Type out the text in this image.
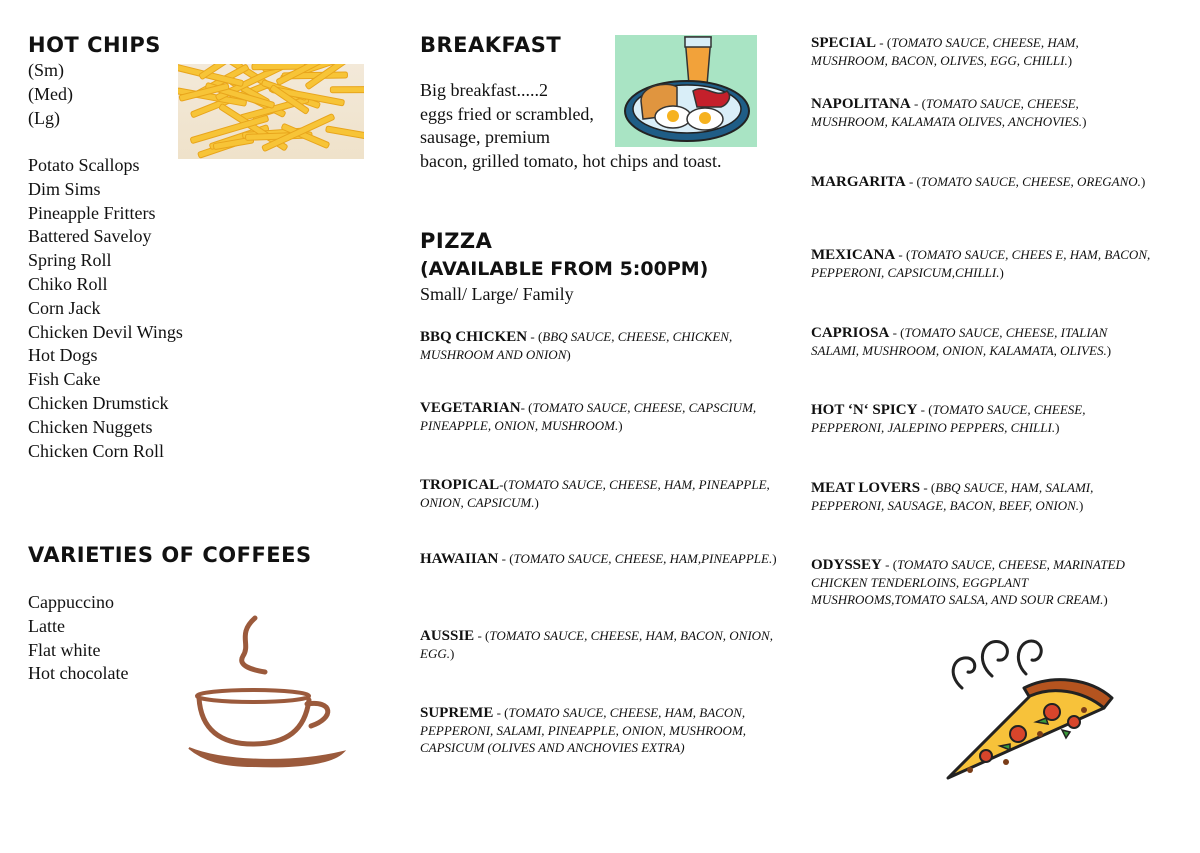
HOT CHIPS
(Sm)
(Med)
(Lg)
Potato Scallops
Dim Sims
Pineapple Fritters
Battered Saveloy
Spring Roll
Chiko Roll
Corn Jack
Chicken Devil Wings
Hot Dogs
Fish Cake
Chicken Drumstick
Chicken Nuggets
Chicken Corn Roll
VARIETIES OF COFFEES
Cappuccino
Latte
Flat white
Hot chocolate
BREAKFAST
Big breakfast.....2
eggs fried or scrambled,
sausage, premium
bacon, grilled tomato, hot chips and toast.
PIZZA
(AVAILABLE FROM 5:00PM)
Small/ Large/ Family
BBQ CHICKEN - (BBQ SAUCE, CHEESE, CHICKEN, MUSHROOM AND ONION)
VEGETARIAN- (TOMATO SAUCE, CHEESE, CAPSCIUM, PINEAPPLE, ONION, MUSHROOM.)
TROPICAL-(TOMATO SAUCE, CHEESE, HAM, PINEAPPLE, ONION, CAPSICUM.)
HAWAIIAN - (TOMATO SAUCE, CHEESE, HAM,PINEAPPLE.)
AUSSIE - (TOMATO SAUCE, CHEESE, HAM, BACON, ONION, EGG.)
SUPREME - (TOMATO SAUCE, CHEESE, HAM, BACON, PEPPERONI, SALAMI, PINEAPPLE, ONION, MUSHROOM, CAPSICUM (OLIVES AND ANCHOVIES EXTRA)
SPECIAL - (TOMATO SAUCE, CHEESE, HAM, MUSHROOM, BACON, OLIVES, EGG, CHILLI.)
NAPOLITANA - (TOMATO SAUCE, CHEESE, MUSHROOM, KALAMATA OLIVES, ANCHOVIES.)
MARGARITA - (TOMATO SAUCE, CHEESE, OREGANO.)
MEXICANA - (TOMATO SAUCE, CHEES E, HAM, BACON, PEPPERONI, CAPSICUM,CHILLI.)
CAPRIOSA - (TOMATO SAUCE, CHEESE, ITALIAN SALAMI, MUSHROOM, ONION, KALAMATA, OLIVES.)
HOT ‘N‘ SPICY - (TOMATO SAUCE, CHEESE, PEPPERONI, JALEPINO PEPPERS, CHILLI.)
MEAT LOVERS - (BBQ SAUCE, HAM, SALAMI, PEPPERONI, SAUSAGE, BACON, BEEF, ONION.)
ODYSSEY - (TOMATO SAUCE, CHEESE, MARINATED CHICKEN TENDERLOINS, EGGPLANT MUSHROOMS,TOMATO SALSA, AND SOUR CREAM.)
